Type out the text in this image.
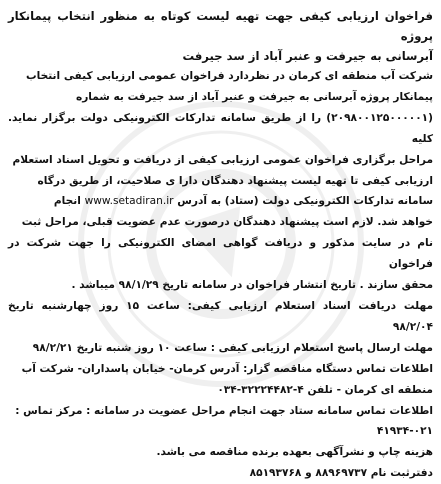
فراخوان ارزیابی کیفی جهت تهیه لیست کوتاه به منظور انتخاب پیمانکار پروژه

آبرسانی به جیرفت و عنبر آباد از سد جیرفت

شرکت آب منطقه ای کرمان در نظردارد فراخوان عمومی ارزیابی کیفی انتخاب

پیمانکار پروژه آبرسانی به جیرفت و عنبر آباد از سد جیرفت به شماره

(۲۰۹۸۰۰۱۲۵۰۰۰۰۰۱) را از طریق سامانه تدارکات الکترونیکی دولت برگزار نماید. کلیه

مراحل برگزاری فراخوان عمومی ارزیابی کیفی از دریافت و تحویل اسناد استعلام

ارزیابی کیفی تا تهیه لیست پیشنهاد دهندگان دارا ی صلاحیت، از طریق درگاه

سامانه تدارکات الکترونیکی دولت (ستاد) به آدرس www.setadiran.ir انجام

خواهد شد. لازم است پیشنهاد دهندگان درصورت عدم عضویت قبلی، مراحل ثبت

نام در سایت مذکور و دریافت گواهی امضای الکترونیکی را جهت شرکت در فراخوان

محقق سازند . تاریخ انتشار فراخوان در سامانه تاریخ ۹۸/۱/۲۹ میباشد .

مهلت دریافت اسناد استعلام ارزیابی کیفی: ساعت ۱۵ روز چهارشنبه تاریخ ۹۸/۲/۰۴

مهلت ارسال پاسخ استعلام ارزیابی کیفی : ساعت ۱۰ روز شنبه تاریخ ۹۸/۲/۲۱

اطلاعات تماس دستگاه مناقصه گزار: آدرس کرمان- خیابان پاسداران- شرکت آب

منطقه ای کرمان - تلفن ۴-۳۲۲۲۴۴۸۲-۰۳۴

اطلاعات تماس سامانه ستاد جهت انجام مراحل عضویت در سامانه : مرکز تماس :

۴۱۹۳۴-۰۲۱

هزینه چاپ و نشرآگهی بعهده برنده مناقصه می باشد.

دفترثبت نام ۸۸۹۶۹۷۳۷ و ۸۵۱۹۳۷۶۸
